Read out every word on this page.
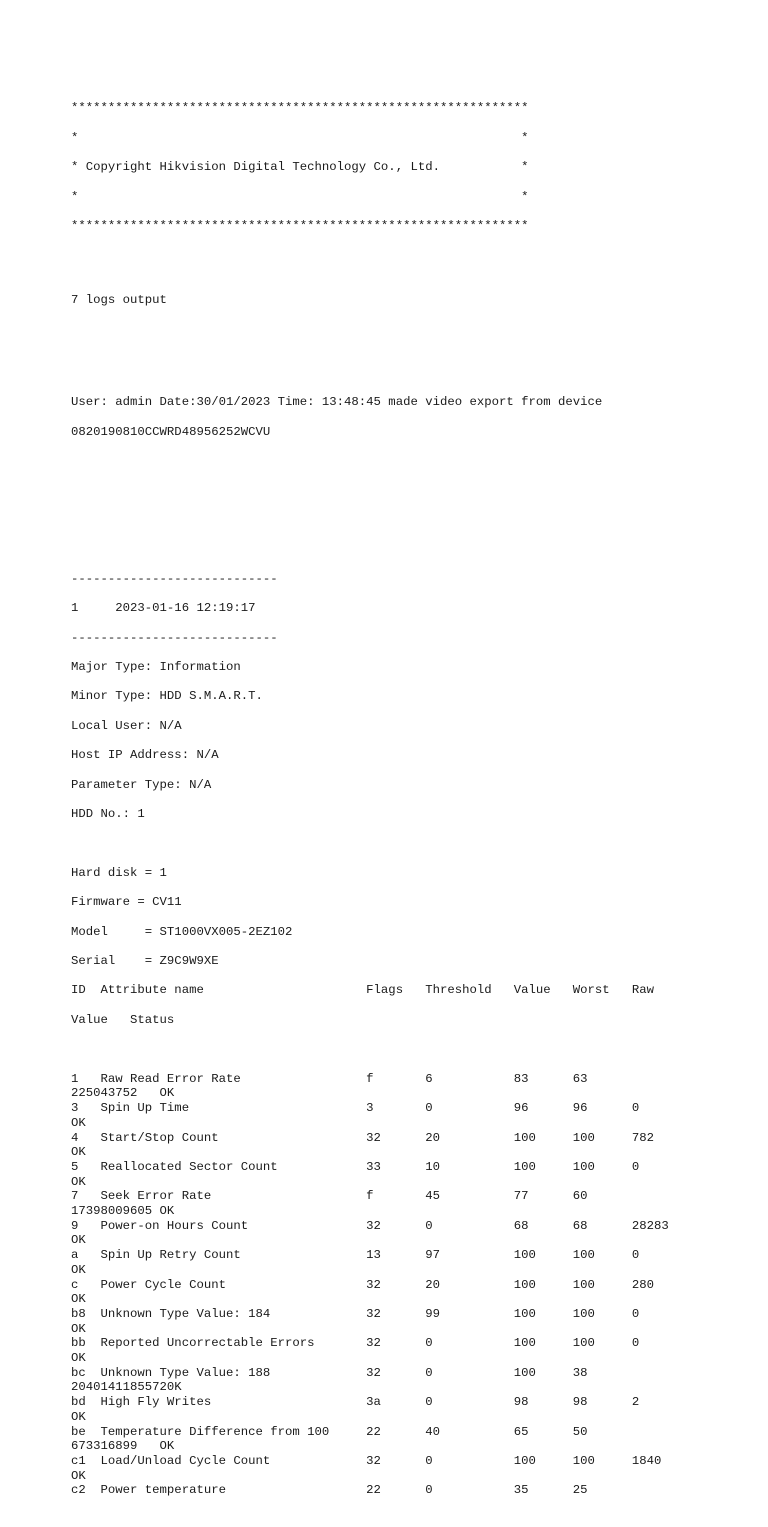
**************************************************************

*                                                            *

* Copyright Hikvision Digital Technology Co., Ltd.           *

*                                                            *

**************************************************************

7 logs output

User: admin Date:30/01/2023 Time: 13:48:45 made video export from device

0820190810CCWRD48956252WCVU

----------------------------

1     2023-01-16 12:19:17

----------------------------

Major Type: Information

Minor Type: HDD S.M.A.R.T.

Local User: N/A

Host IP Address: N/A

Parameter Type: N/A

HDD No.: 1

Hard disk = 1

Firmware = CV11

Model     = ST1000VX005-2EZ102

Serial    = Z9C9W9XE

ID  Attribute name                      Flags   Threshold   Value   Worst   Raw

Value   Status

1   Raw Read Error Rate                 f       6           83      63
225043752   OK
3   Spin Up Time                        3       0           96      96      0
OK
4   Start/Stop Count                    32      20          100     100     782
OK
5   Reallocated Sector Count            33      10          100     100     0
OK
7   Seek Error Rate                     f       45          77      60
17398009605 OK
9   Power-on Hours Count                32      0           68      68      28283
OK
a   Spin Up Retry Count                 13      97          100     100     0
OK
c   Power Cycle Count                   32      20          100     100     280
OK
b8  Unknown Type Value: 184             32      99          100     100     0
OK
bb  Reported Uncorrectable Errors       32      0           100     100     0
OK
bc  Unknown Type Value: 188             32      0           100     38
20401411855720K
bd  High Fly Writes                     3a      0           98      98      2
OK
be  Temperature Difference from 100     22      40          65      50
673316899   OK
c1  Load/Unload Cycle Count             32      0           100     100     1840
OK
c2  Power temperature                   22      0           35      25
